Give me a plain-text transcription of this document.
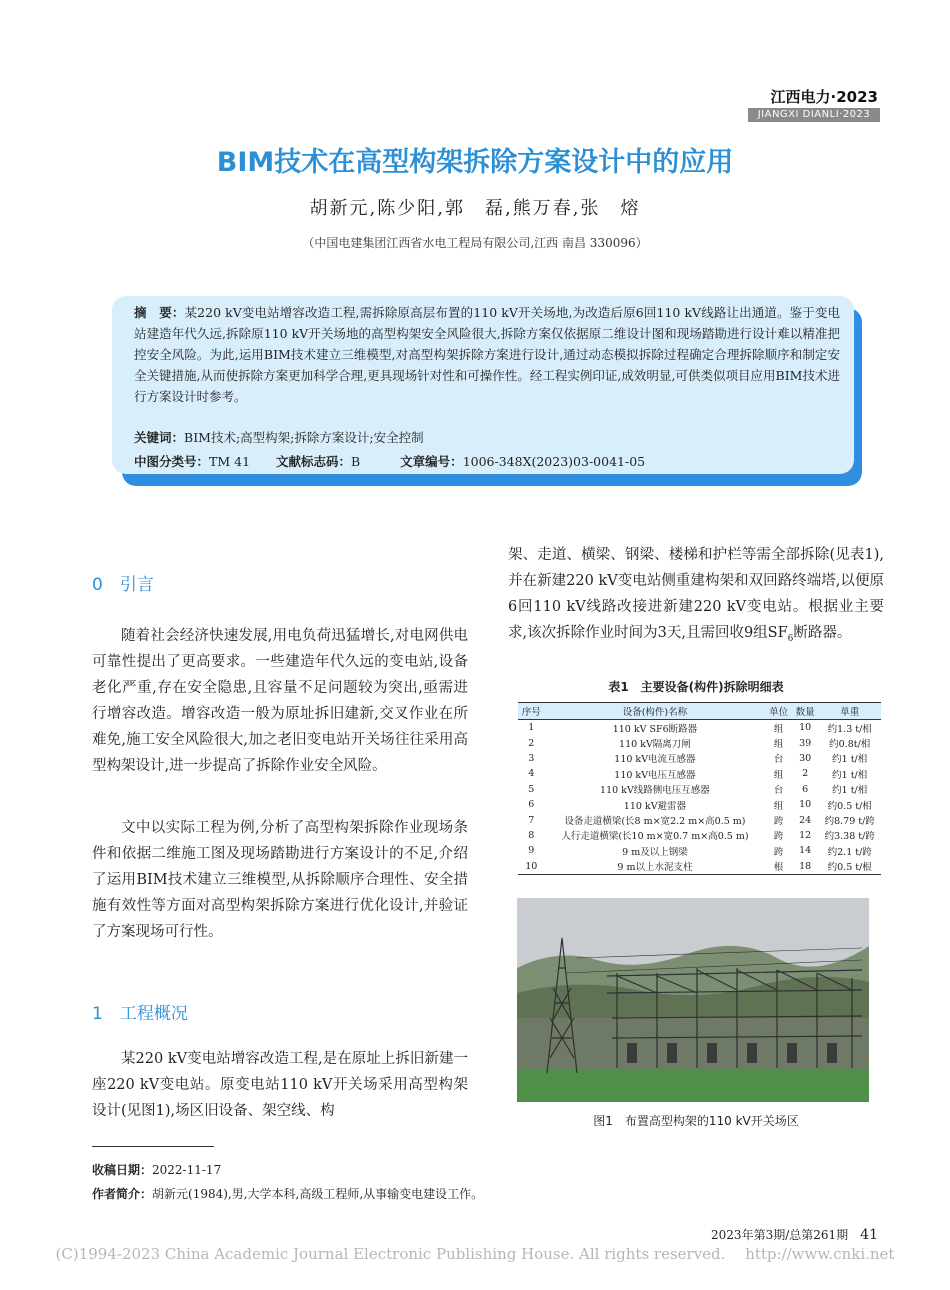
江西电力·2023
JIANGXI DIANLI·2023
BIM技术在高型构架拆除方案设计中的应用
胡新元,陈少阳,郭　磊,熊万春,张　熔
（中国电建集团江西省水电工程局有限公司,江西 南昌 330096）
摘　要：某220 kV变电站增容改造工程,需拆除原高层布置的110 kV开关场地,为改造后原6回110 kV线路让出通道。鉴于变电站建造年代久远,拆除原110 kV开关场地的高型构架安全风险很大,拆除方案仅依据原二维设计图和现场踏勘进行设计难以精准把控安全风险。为此,运用BIM技术建立三维模型,对高型构架拆除方案进行设计,通过动态模拟拆除过程确定合理拆除顺序和制定安全关键措施,从而使拆除方案更加科学合理,更具现场针对性和可操作性。经工程实例印证,成效明显,可供类似项目应用BIM技术进行方案设计时参考。
关键词：BIM技术;高型构架;拆除方案设计;安全控制
中图分类号：TM 41 文献标志码：B	文章编号：1006-348X(2023)03-0041-05
0　引言
随着社会经济快速发展,用电负荷迅猛增长,对电网供电可靠性提出了更高要求。一些建造年代久远的变电站,设备老化严重,存在安全隐患,且容量不足问题较为突出,亟需进行增容改造。增容改造一般为原址拆旧建新,交叉作业在所难免,施工安全风险很大,加之老旧变电站开关场往往采用高型构架设计,进一步提高了拆除作业安全风险。
文中以实际工程为例,分析了高型构架拆除作业现场条件和依据二维施工图及现场踏勘进行方案设计的不足,介绍了运用BIM技术建立三维模型,从拆除顺序合理性、安全措施有效性等方面对高型构架拆除方案进行优化设计,并验证了方案现场可行性。
1　工程概况
某220 kV变电站增容改造工程,是在原址上拆旧新建一座220 kV变电站。原变电站110 kV开关场采用高型构架设计(见图1),场区旧设备、架空线、构
架、走道、横梁、钢梁、楼梯和护栏等需全部拆除(见表1),并在新建220 kV变电站侧重建构架和双回路终端塔,以便原6回110 kV线路改接进新建220 kV变电站。根据业主要求,该次拆除作业时间为3天,且需回收9组$SF_6$断路器。
表1　主要设备(构件)拆除明细表
序号	设备(构件)名称	单位	数量	单重
1	110 kV SF6断路器	组	10	约1.3 t/相
2	110 kV隔离刀闸	组	39	约0.8t/相
3	110 kV电流互感器	台	30	约1 t/相
4	110 kV电压互感器	组	2	约1 t/相
5	110 kV线路侧电压互感器	台	6	约1 t/相
6	110 kV避雷器	组	10	约0.5 t/相
7	设备走道横梁(长8 m×宽2.2 m×高0.5 m)	跨	24	约8.79 t/跨
8	人行走道横梁(长10 m×宽0.7 m×高0.5 m)	跨	12	约3.38 t/跨
9	9 m及以上钢梁	跨	14	约2.1 t/跨
10	9 m以上水泥支柱	根	18	约0.5 t/根
图1　布置高型构架的110 kV开关场区
收稿日期：2022-11-17
作者简介：胡新元(1984),男,大学本科,高级工程师,从事输变电建设工作。
2023年第3期/总第261期　 41
(C)1994-2023 China Academic Journal Electronic Publishing House. All rights reserved.　 http://www.cnki.net
